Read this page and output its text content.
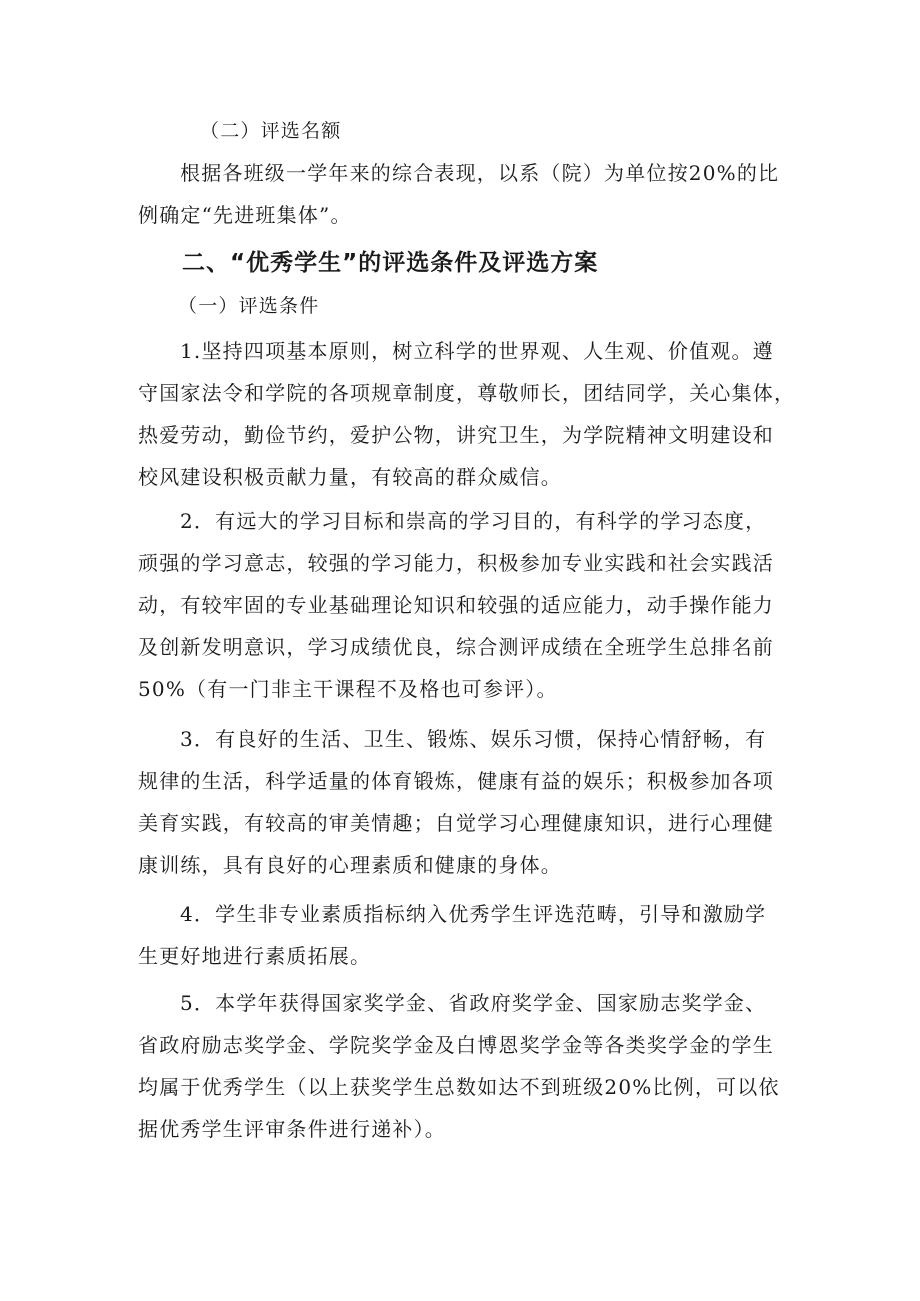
（二）评选名额
根据各班级一学年来的综合表现，以系（院）为单位按20%的比
例确定“先进班集体”。
二、“优秀学生”的评选条件及评选方案
（一）评选条件
1.坚持四项基本原则，树立科学的世界观、人生观、价值观。遵
守国家法令和学院的各项规章制度，尊敬师长，团结同学，关心集体，
热爱劳动，勤俭节约，爱护公物，讲究卫生，为学院精神文明建设和
校风建设积极贡献力量，有较高的群众威信。
2．有远大的学习目标和崇高的学习目的，有科学的学习态度，
顽强的学习意志，较强的学习能力，积极参加专业实践和社会实践活
动，有较牢固的专业基础理论知识和较强的适应能力，动手操作能力
及创新发明意识，学习成绩优良，综合测评成绩在全班学生总排名前
50%（有一门非主干课程不及格也可参评）。
3．有良好的生活、卫生、锻炼、娱乐习惯，保持心情舒畅，有
规律的生活，科学适量的体育锻炼，健康有益的娱乐；积极参加各项
美育实践，有较高的审美情趣；自觉学习心理健康知识，进行心理健
康训练，具有良好的心理素质和健康的身体。
4．学生非专业素质指标纳入优秀学生评选范畴，引导和激励学
生更好地进行素质拓展。
5．本学年获得国家奖学金、省政府奖学金、国家励志奖学金、
省政府励志奖学金、学院奖学金及白博恩奖学金等各类奖学金的学生
均属于优秀学生（以上获奖学生总数如达不到班级20%比例，可以依
据优秀学生评审条件进行递补）。
